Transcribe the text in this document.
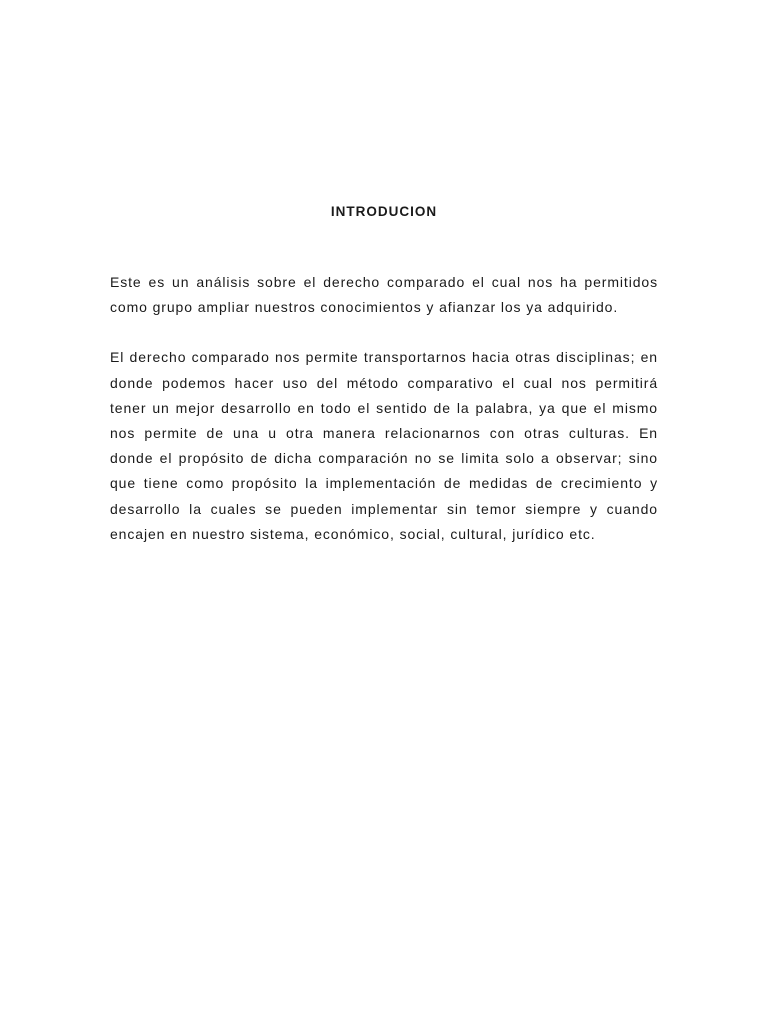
INTRODUCION

Este es un análisis sobre el derecho comparado el cual nos ha permitidos como grupo ampliar nuestros conocimientos y afianzar los ya adquirido.

El derecho comparado nos permite transportarnos hacia otras disciplinas; en donde podemos hacer uso del método comparativo el cual nos permitirá tener un mejor desarrollo en todo el sentido de la palabra, ya que el mismo nos permite de una u otra manera relacionarnos con otras culturas. En donde el propósito de dicha comparación no se limita solo a observar; sino que tiene como propósito la implementación de medidas de crecimiento y desarrollo la cuales se pueden implementar sin temor siempre y cuando encajen en nuestro sistema, económico, social, cultural, jurídico etc.
